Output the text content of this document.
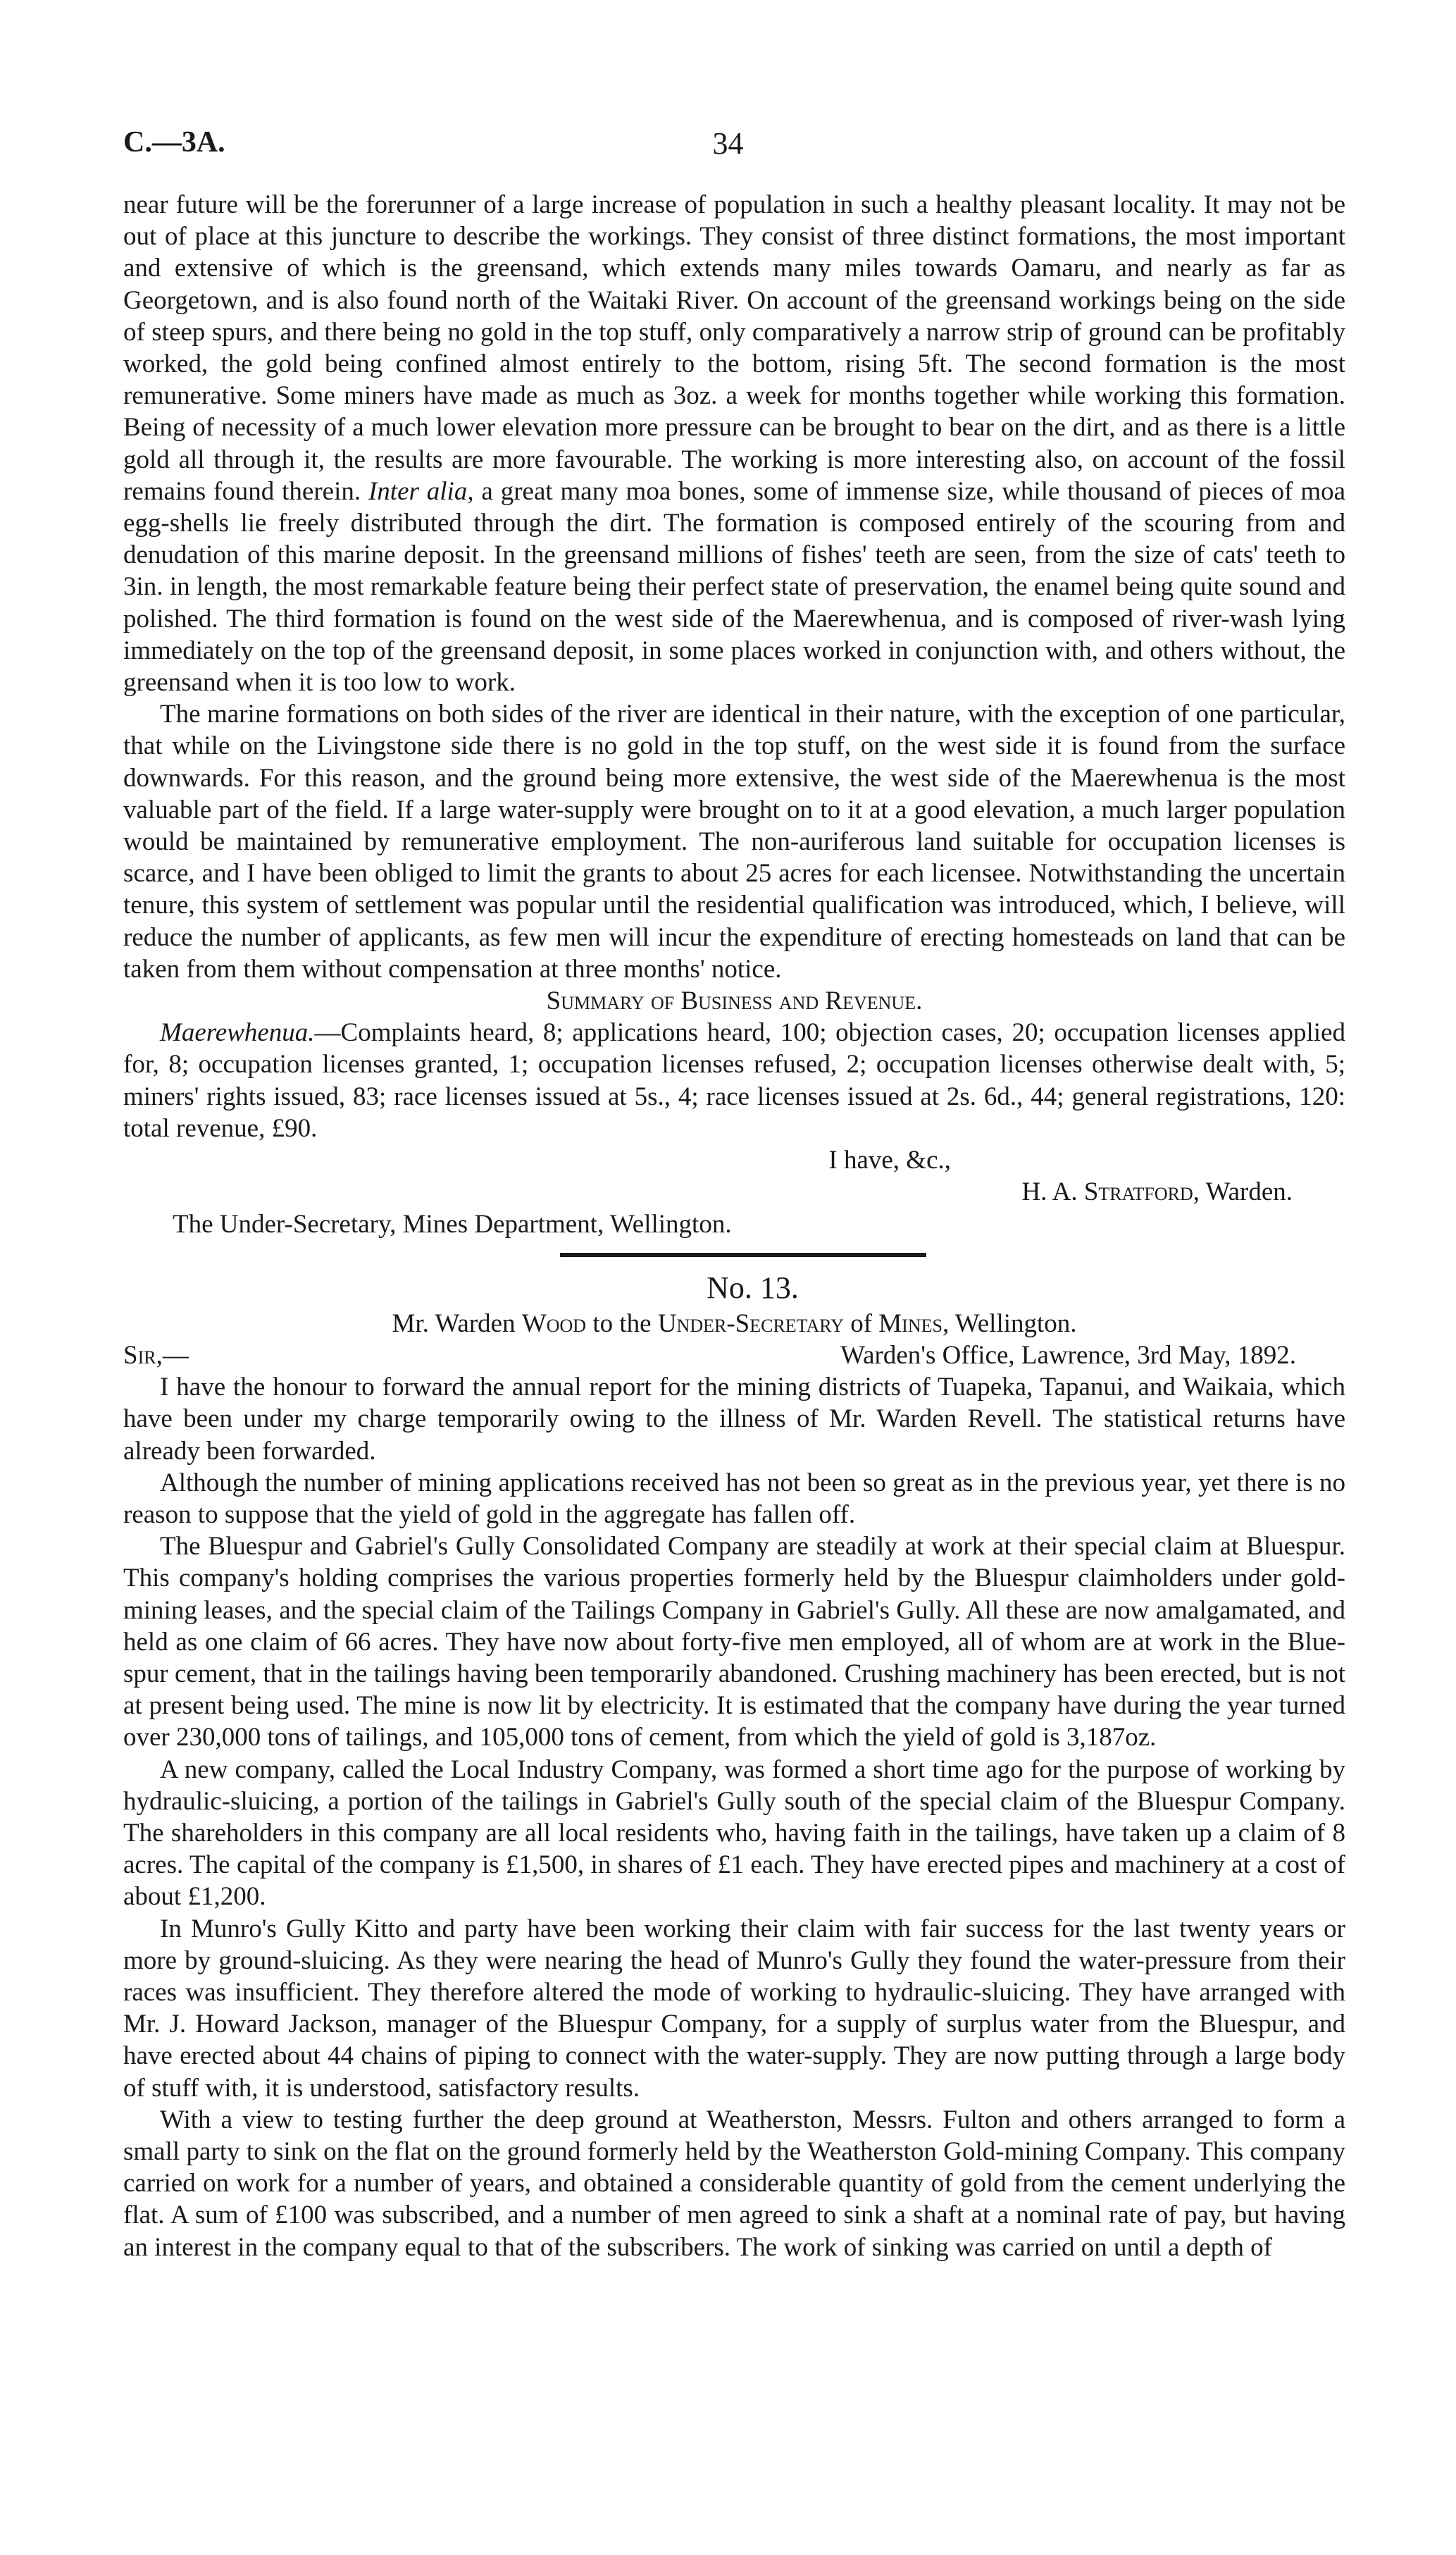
C.—3A.	34

near future will be the forerunner of a large increase of population in such a healthy pleasant locality. It may not be out of place at this juncture to describe the workings. They consist of three distinct formations, the most important and extensive of which is the greensand, which extends many miles towards Oamaru, and nearly as far as Georgetown, and is also found north of the Waitaki River. On account of the greensand workings being on the side of steep spurs, and there being no gold in the top stuff, only comparatively a narrow strip of ground can be profitably worked, the gold being confined almost entirely to the bottom, rising 5ft. The second formation is the most remunerative. Some miners have made as much as 3oz. a week for months together while working this formation. Being of necessity of a much lower elevation more pressure can be brought to bear on the dirt, and as there is a little gold all through it, the results are more favourable. The working is more interesting also, on account of the fossil remains found therein. Inter alia, a great many moa bones, some of immense size, while thousand of pieces of moa egg-shells lie freely distributed through the dirt. The formation is composed entirely of the scouring from and denudation of this marine deposit. In the greensand millions of fishes' teeth are seen, from the size of cats' teeth to 3in. in length, the most remarkable feature being their perfect state of preservation, the enamel being quite sound and polished. The third formation is found on the west side of the Maerewhenua, and is composed of river-wash lying immediately on the top of the greensand deposit, in some places worked in conjunction with, and others without, the greensand when it is too low to work.

The marine formations on both sides of the river are identical in their nature, with the exception of one particular, that while on the Livingstone side there is no gold in the top stuff, on the west side it is found from the surface downwards. For this reason, and the ground being more extensive, the west side of the Maerewhenua is the most valuable part of the field. If a large water-supply were brought on to it at a good elevation, a much larger population would be maintained by remunerative employment. The non-auriferous land suitable for occupation licenses is scarce, and I have been obliged to limit the grants to about 25 acres for each licensee. Notwithstanding the uncertain tenure, this system of settlement was popular until the residential qualification was introduced, which, I believe, will reduce the number of applicants, as few men will incur the expenditure of erecting homesteads on land that can be taken from them without compensation at three months' notice.

Summary of Business and Revenue.

Maerewhenua.—Complaints heard, 8; applications heard, 100; objection cases, 20; occupation licenses applied for, 8; occupation licenses granted, 1; occupation licenses refused, 2; occupation licenses otherwise dealt with, 5; miners' rights issued, 83; race licenses issued at 5s., 4; race licenses issued at 2s. 6d., 44; general registrations, 120: total revenue, £90.

I have, &c.,

H. A. Stratford, Warden.

The Under-Secretary, Mines Department, Wellington.

No. 13.

Mr. Warden Wood to the Under-Secretary of Mines, Wellington.

Sir,—	Warden's Office, Lawrence, 3rd May, 1892.

I have the honour to forward the annual report for the mining districts of Tuapeka, Tapanui, and Waikaia, which have been under my charge temporarily owing to the illness of Mr. Warden Revell. The statistical returns have already been forwarded.

Although the number of mining applications received has not been so great as in the previous year, yet there is no reason to suppose that the yield of gold in the aggregate has fallen off.

The Bluespur and Gabriel's Gully Consolidated Company are steadily at work at their special claim at Bluespur. This company's holding comprises the various properties formerly held by the Bluespur claimholders under gold-mining leases, and the special claim of the Tailings Company in Gabriel's Gully. All these are now amalgamated, and held as one claim of 66 acres. They have now about forty-five men employed, all of whom are at work in the Blue-spur cement, that in the tailings having been temporarily abandoned. Crushing machinery has been erected, but is not at present being used. The mine is now lit by electricity. It is estimated that the company have during the year turned over 230,000 tons of tailings, and 105,000 tons of cement, from which the yield of gold is 3,187oz.

A new company, called the Local Industry Company, was formed a short time ago for the purpose of working by hydraulic-sluicing, a portion of the tailings in Gabriel's Gully south of the special claim of the Bluespur Company. The shareholders in this company are all local residents who, having faith in the tailings, have taken up a claim of 8 acres. The capital of the company is £1,500, in shares of £1 each. They have erected pipes and machinery at a cost of about £1,200.

In Munro's Gully Kitto and party have been working their claim with fair success for the last twenty years or more by ground-sluicing. As they were nearing the head of Munro's Gully they found the water-pressure from their races was insufficient. They therefore altered the mode of working to hydraulic-sluicing. They have arranged with Mr. J. Howard Jackson, manager of the Bluespur Company, for a supply of surplus water from the Bluespur, and have erected about 44 chains of piping to connect with the water-supply. They are now putting through a large body of stuff with, it is understood, satisfactory results.

With a view to testing further the deep ground at Weatherston, Messrs. Fulton and others arranged to form a small party to sink on the flat on the ground formerly held by the Weatherston Gold-mining Company. This company carried on work for a number of years, and obtained a considerable quantity of gold from the cement underlying the flat. A sum of £100 was subscribed, and a number of men agreed to sink a shaft at a nominal rate of pay, but having an interest in the company equal to that of the subscribers. The work of sinking was carried on until a depth of
